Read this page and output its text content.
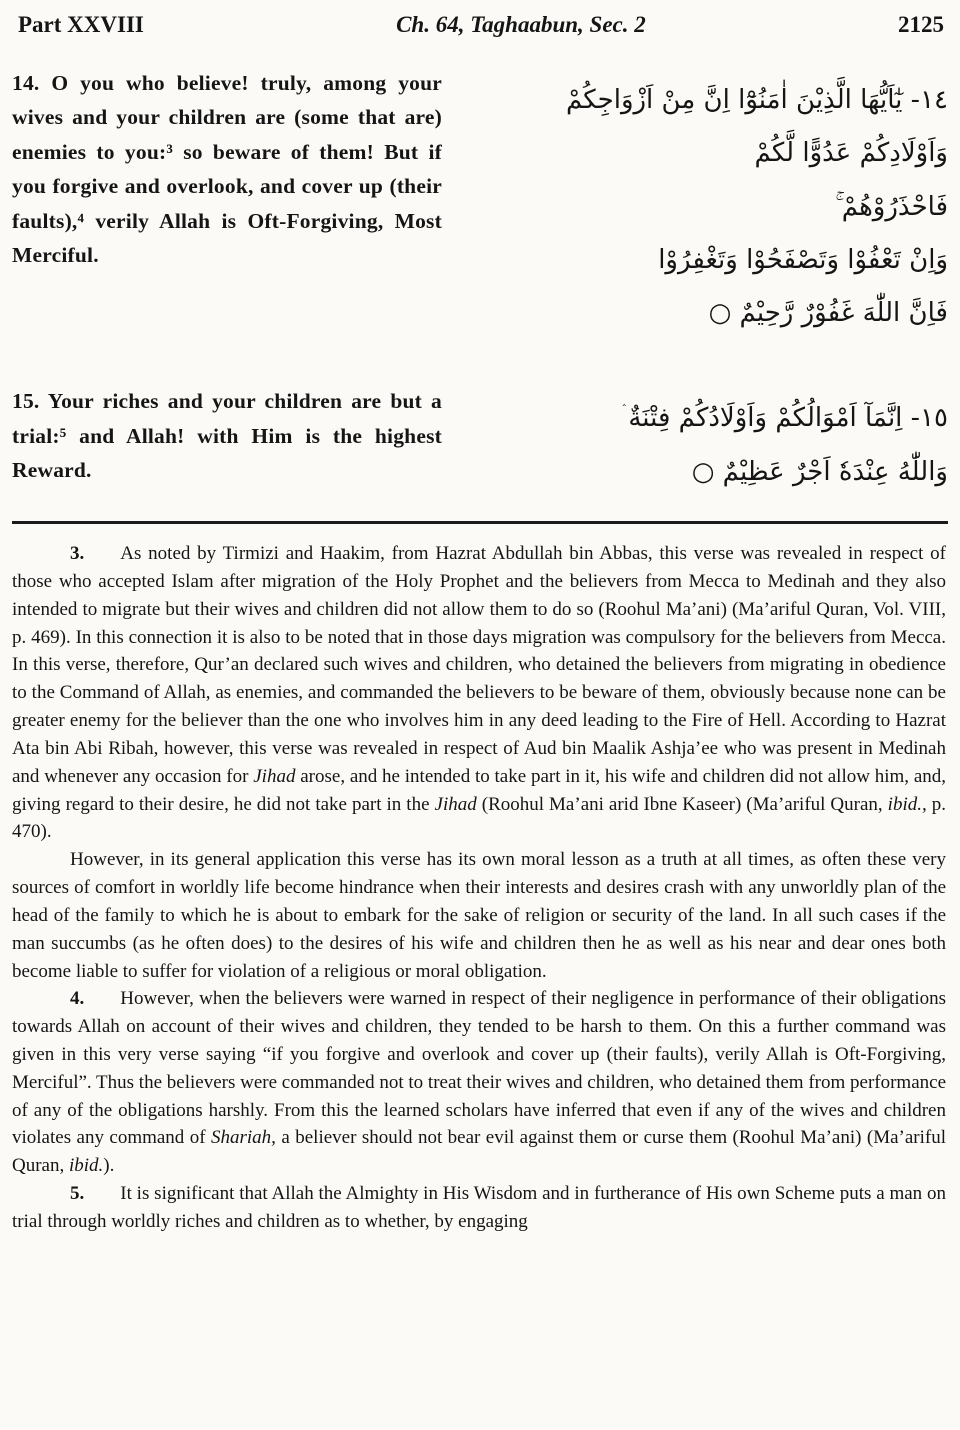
Part XXVIII	Ch. 64, Taghaabun, Sec. 2	2125
14. O you who believe! truly, among your wives and your children are (some that are) enemies to you:³ so beware of them! But if you forgive and overlook, and cover up (their faults),⁴ verily Allah is Oft-Forgiving, Most Merciful.
١٤- يٰٓاَيُّهَا الَّذِيْنَ اٰمَنُوْٓا اِنَّ مِنْ اَزْوَاجِكُمْ
وَاَوْلَادِكُمْ عَدُوًّا لَّكُمْ
فَاحْذَرُوْهُمْ ۚ
وَاِنْ تَعْفُوْا وَتَصْفَحُوْا وَتَغْفِرُوْا
فَاِنَّ اللّٰهَ غَفُوْرٌ رَّحِيْمٌ ○
15. Your riches and your children are but a trial:⁵ and Allah! with Him is the highest Reward.
١٥- اِنَّمَآ اَمْوَالُكُمْ وَاَوْلَادُكُمْ فِتْنَةٌ ۛ
وَاللّٰهُ عِنْدَهٗ اَجْرٌ عَظِيْمٌ ○

3. As noted by Tirmizi and Haakim, from Hazrat Abdullah bin Abbas, this verse was revealed in respect of those who accepted Islam after migration of the Holy Prophet and the believers from Mecca to Medinah and they also intended to migrate but their wives and children did not allow them to do so (Roohul Ma’ani) (Ma’ariful Quran, Vol. VIII, p. 469). In this connection it is also to be noted that in those days migration was compulsory for the believers from Mecca. In this verse, therefore, Qur’an declared such wives and children, who detained the believers from migrating in obedience to the Command of Allah, as enemies, and commanded the believers to be beware of them, obviously because none can be greater enemy for the believer than the one who involves him in any deed leading to the Fire of Hell. According to Hazrat Ata bin Abi Ribah, however, this verse was revealed in respect of Aud bin Maalik Ashja’ee who was present in Medinah and whenever any occasion for Jihad arose, and he intended to take part in it, his wife and children did not allow him, and, giving regard to their desire, he did not take part in the Jihad (Roohul Ma’ani arid Ibne Kaseer) (Ma’ariful Quran, ibid., p. 470).

However, in its general application this verse has its own moral lesson as a truth at all times, as often these very sources of comfort in worldly life become hindrance when their interests and desires crash with any unworldly plan of the head of the family to which he is about to embark for the sake of religion or security of the land. In all such cases if the man succumbs (as he often does) to the desires of his wife and children then he as well as his near and dear ones both become liable to suffer for violation of a religious or moral obligation.

4. However, when the believers were warned in respect of their negligence in performance of their obligations towards Allah on account of their wives and children, they tended to be harsh to them. On this a further command was given in this very verse saying “if you forgive and overlook and cover up (their faults), verily Allah is Oft-Forgiving, Merciful”. Thus the believers were commanded not to treat their wives and children, who detained them from performance of any of the obligations harshly. From this the learned scholars have inferred that even if any of the wives and children violates any command of Shariah, a believer should not bear evil against them or curse them (Roohul Ma’ani) (Ma’ariful Quran, ibid.).

5. It is significant that Allah the Almighty in His Wisdom and in furtherance of His own Scheme puts a man on trial through worldly riches and children as to whether, by engaging
